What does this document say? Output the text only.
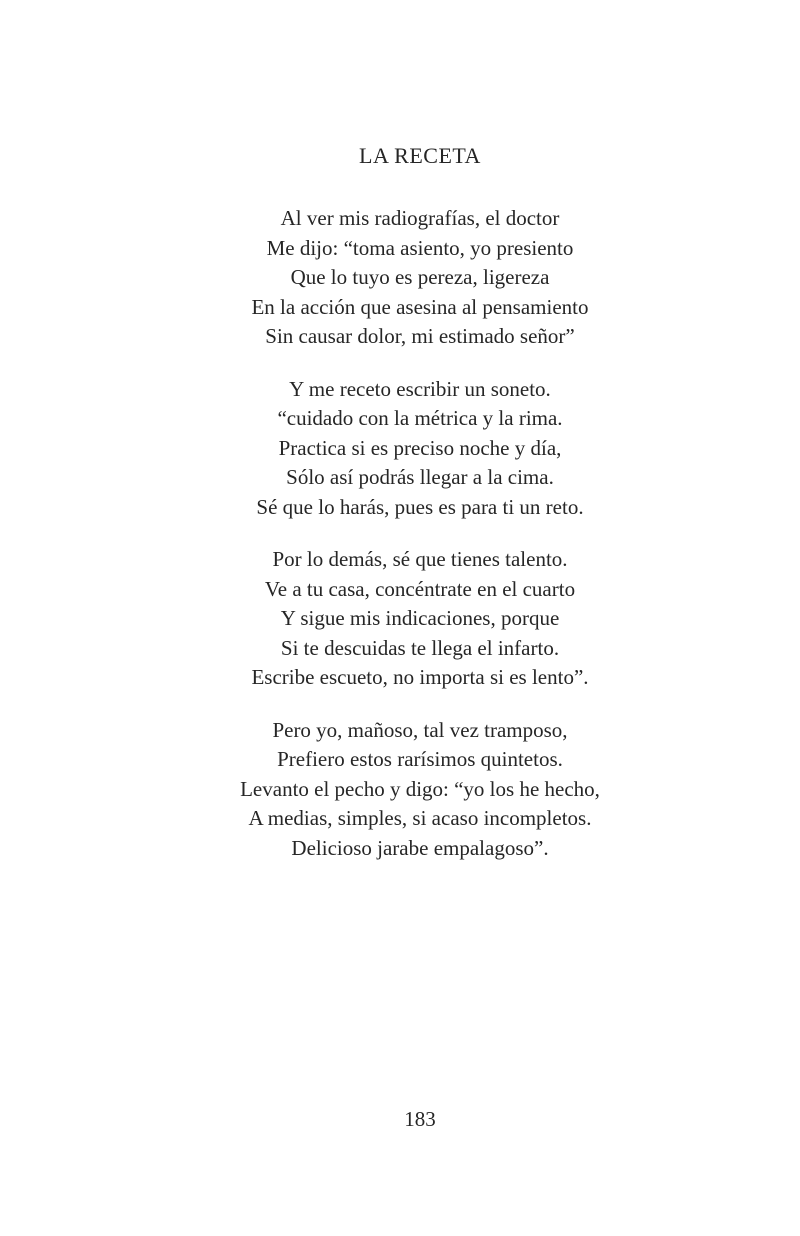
LA RECETA

Al ver mis radiografías, el doctor

Me dijo: “toma asiento, yo presiento

Que lo tuyo es pereza, ligereza

En la acción que asesina al pensamiento

Sin causar dolor, mi estimado señor”

Y me receto escribir un soneto.

“cuidado con la métrica y la rima.

Practica si es preciso noche y día,

Sólo así podrás llegar a la cima.

Sé que lo harás, pues es para ti un reto.

Por lo demás, sé que tienes talento.

Ve a tu casa, concéntrate en el cuarto

Y sigue mis indicaciones, porque

Si te descuidas te llega el infarto.

Escribe escueto, no importa si es lento”.

Pero yo, mañoso, tal vez tramposo,

Prefiero estos rarísimos quintetos.

Levanto el pecho y digo: “yo los he hecho,

A medias, simples, si acaso incompletos.

Delicioso jarabe empalagoso”.

183
